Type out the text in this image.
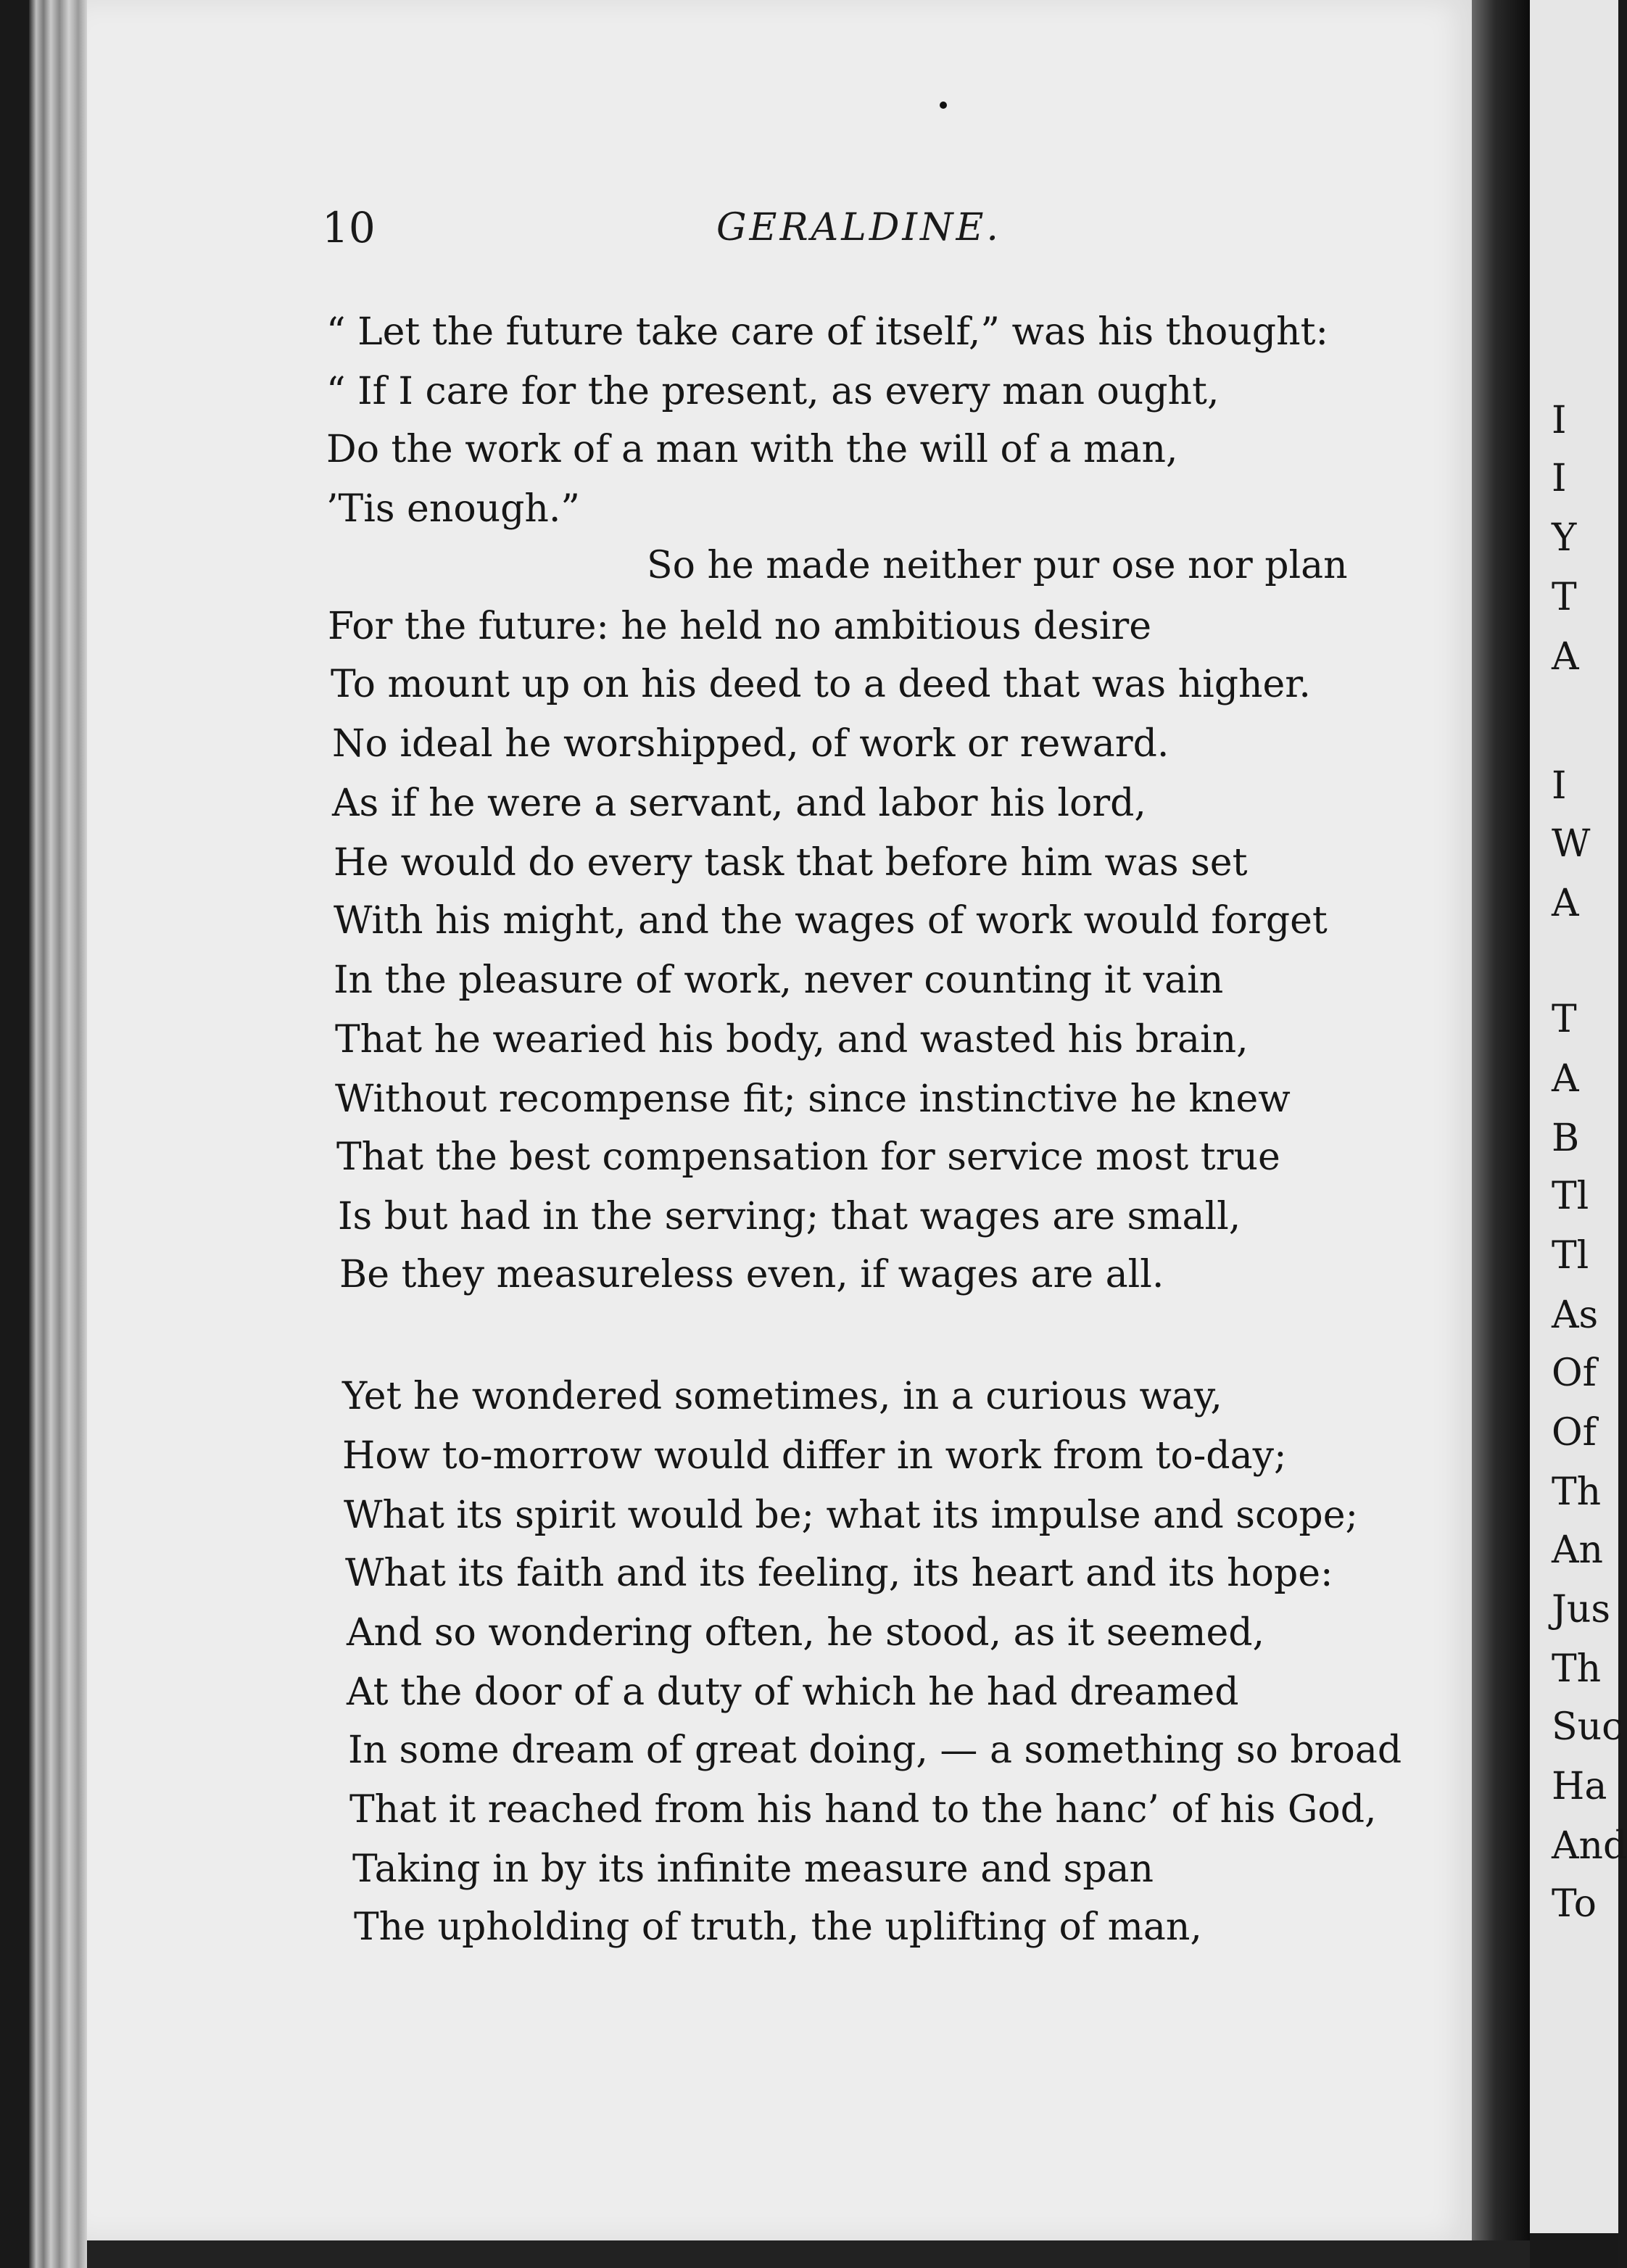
10	GERALDINE.
“ Let the future take care of itself,” was his thought:
“ If I care for the present, as every man ought,
Do the work of a man with the will of a man,
’Tis enough.”
So he made neither pur ose nor plan
For the future: he held no ambitious desire
To mount up on his deed to a deed that was higher.
No ideal he worshipped, of work or reward.
As if he were a servant, and labor his lord,
He would do every task that before him was set
With his might, and the wages of work would forget
In the pleasure of work, never counting it vain
That he wearied his body, and wasted his brain,
Without recompense fit; since instinctive he knew
That the best compensation for service most true
Is but had in the serving; that wages are small,
Be they measureless even, if wages are all.
Yet he wondered sometimes, in a curious way,
How to-morrow would differ in work from to-day;
What its spirit would be; what its impulse and scope;
What its faith and its feeling, its heart and its hope:
And so wondering often, he stood, as it seemed,
At the door of a duty of which he had dreamed
In some dream of great doing, — a something so broad
That it reached from his hand to the hanc’ of his God,
Taking in by its infinite measure and span
The upholding of truth, the uplifting of man,
I
I
Y
T
A
I
W
A
T
A
B
Tl
Tl
As
Of
Of
Th
An
Jus
Th
Suc
Ha
And
To
